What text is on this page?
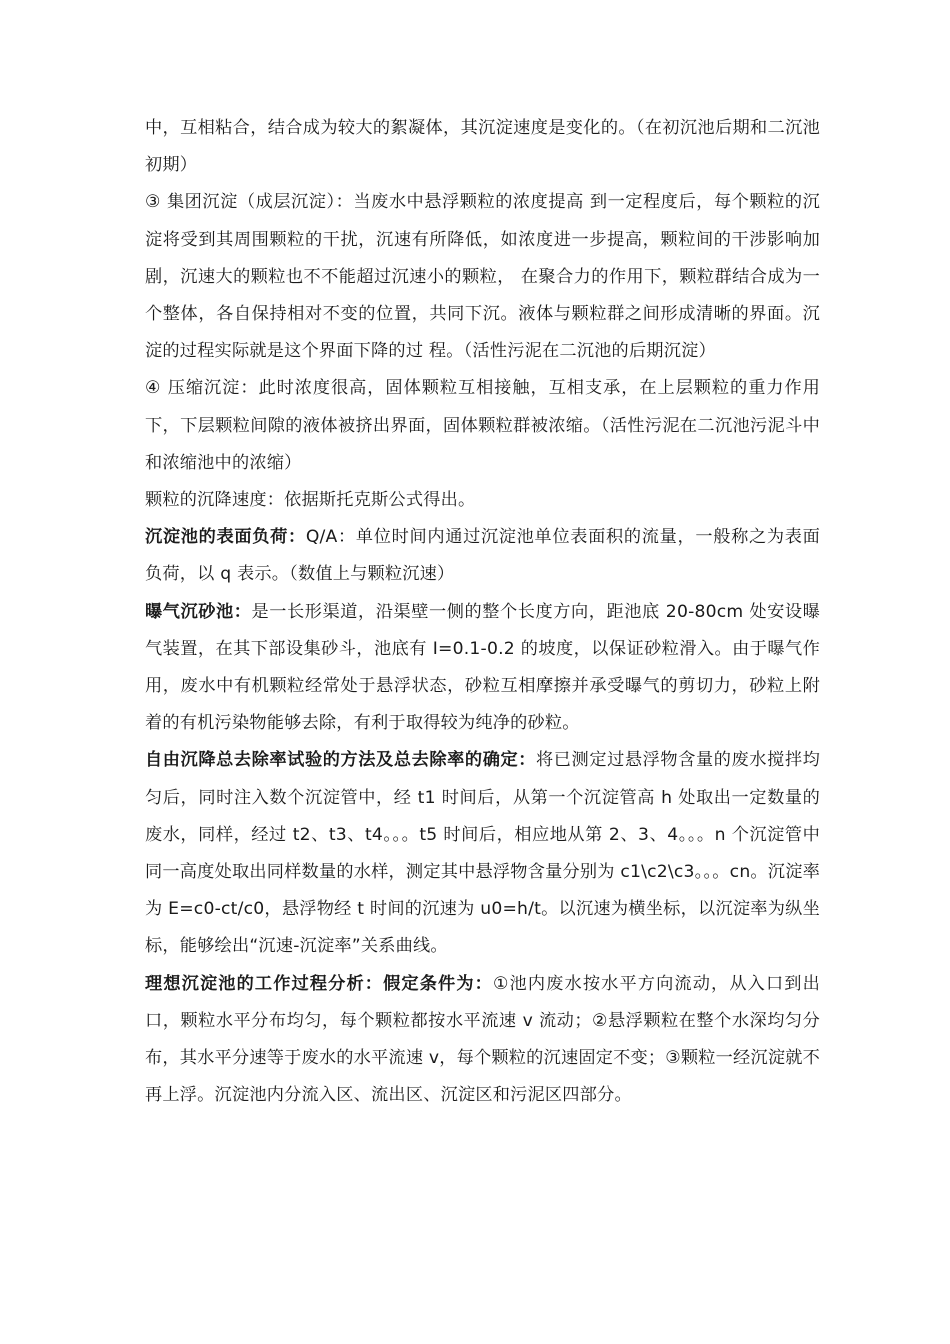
中，互相粘合，结合成为较大的絮凝体，其沉淀速度是变化的。（在初沉池后期和二沉池初期）

③ 集团沉淀（成层沉淀）：当废水中悬浮颗粒的浓度提高 到一定程度后，每个颗粒的沉淀将受到其周围颗粒的干扰，沉速有所降低，如浓度进一步提高，颗粒间的干涉影响加剧，沉速大的颗粒也不不能超过沉速小的颗粒， 在聚合力的作用下，颗粒群结合成为一个整体，各自保持相对不变的位置，共同下沉。液体与颗粒群之间形成清晰的界面。沉淀的过程实际就是这个界面下降的过 程。（活性污泥在二沉池的后期沉淀）

④ 压缩沉淀：此时浓度很高，固体颗粒互相接触，互相支承，在上层颗粒的重力作用下，下层颗粒间隙的液体被挤出界面，固体颗粒群被浓缩。（活性污泥在二沉池污泥斗中和浓缩池中的浓缩）

颗粒的沉降速度：依据斯托克斯公式得出。

沉淀池的表面负荷：Q/A：单位时间内通过沉淀池单位表面积的流量，一般称之为表面负荷，以 q 表示。（数值上与颗粒沉速）

曝气沉砂池：是一长形渠道，沿渠壁一侧的整个长度方向，距池底 20-80cm 处安设曝气装置，在其下部设集砂斗，池底有 I=0.1-0.2 的坡度，以保证砂粒滑入。由于曝气作用，废水中有机颗粒经常处于悬浮状态，砂粒互相摩擦并承受曝气的剪切力，砂粒上附着的有机污染物能够去除，有利于取得较为纯净的砂粒。

自由沉降总去除率试验的方法及总去除率的确定：将已测定过悬浮物含量的废水搅拌均匀后，同时注入数个沉淀管中，经 t1 时间后，从第一个沉淀管高 h 处取出一定数量的废水，同样，经过 t2、t3、t4。。。t5 时间后，相应地从第 2、3、4。。。n 个沉淀管中同一高度处取出同样数量的水样，测定其中悬浮物含量分别为 c1\c2\c3。。。cn。沉淀率为 E=c0-ct/c0，悬浮物经 t 时间的沉速为 u0=h/t。以沉速为横坐标，以沉淀率为纵坐标，能够绘出“沉速-沉淀率”关系曲线。

理想沉淀池的工作过程分析：假定条件为：①池内废水按水平方向流动，从入口到出口，颗粒水平分布均匀，每个颗粒都按水平流速 v 流动；②悬浮颗粒在整个水深均匀分布，其水平分速等于废水的水平流速 v，每个颗粒的沉速固定不变；③颗粒一经沉淀就不再上浮。沉淀池内分流入区、流出区、沉淀区和污泥区四部分。
